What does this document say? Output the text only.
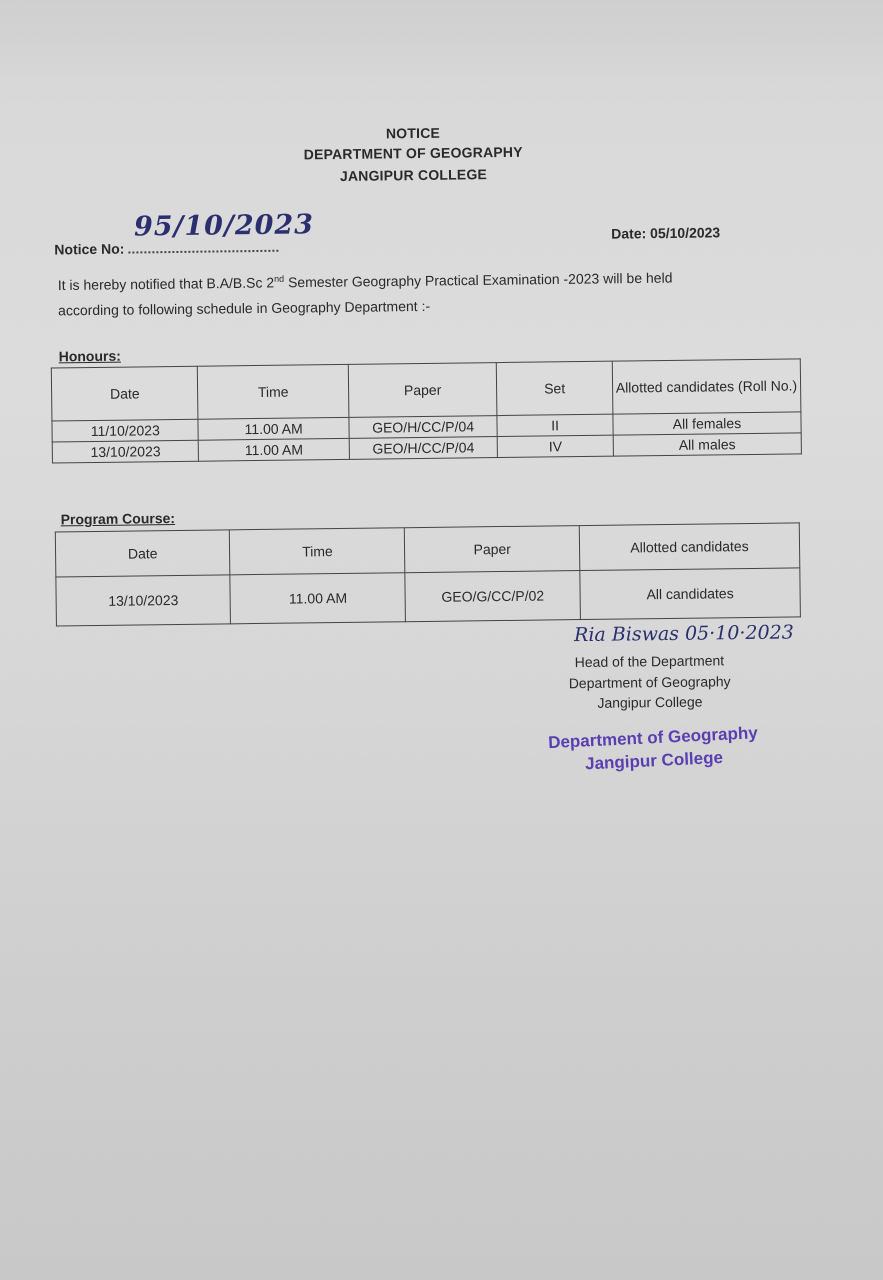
NOTICE
DEPARTMENT OF GEOGRAPHY
JANGIPUR COLLEGE
Notice No:
95/10/2023	Date: 05/10/2023
It is hereby notified that B.A/B.Sc 2nd Semester Geography Practical Examination -2023 will be held
according to following schedule in Geography Department :-
Honours:
Date	Time	Paper	Set	Allotted candidates (Roll No.)
11/10/2023	11.00 AM	GEO/H/CC/P/04	II	All females
13/10/2023	11.00 AM	GEO/H/CC/P/04	IV	All males
Program Course:
Date	Time	Paper	Allotted candidates
13/10/2023	11.00 AM	GEO/G/CC/P/02	All candidates
Ria Biswas 05·10·2023
Head of the Department
Department of Geography
Jangipur College
Department of Geography
Jangipur College
